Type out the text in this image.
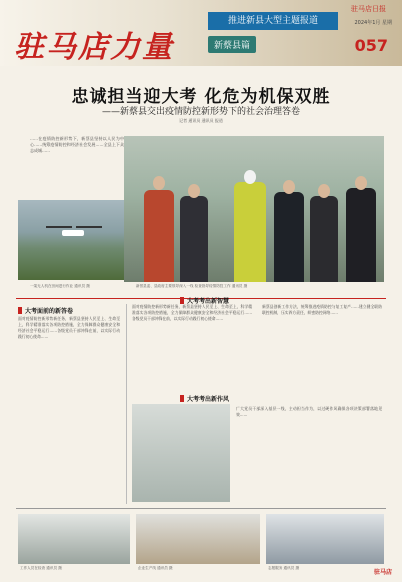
驻马店力量
推进新县大型主题报道
新蔡县篇
驻马店日报
2024年1月 星期
057
忠诚担当迎大考 化危为机保双胜
——新蔡县交出疫情防控新形势下的社会治理答卷
记者 通讯员 通讯员 报道
……在疫情防控新形势下，新蔡县坚持以人民为中心……统筹疫情防控和经济社会发展……全县上下众志成城……
一架无人机在田间进行作业 通讯员 摄	新蔡县委、县政府主要领导深入一线 检查指导疫情防控工作 通讯员 摄
大考面前的新答卷
面对疫情防控新形势新任务，新蔡县坚持人民至上、生命至上，科学精准落实各项防控措施，全力保障群众健康安全和经济社会平稳运行……各级党员干部冲锋在前，以实际行动践行初心使命……
面对疫情防控新形势新任务，新蔡县坚持人民至上、生命至上，科学精准落实各项防控措施，全力保障群众健康安全和经济社会平稳运行……各级党员干部冲锋在前，以实际行动践行初心使命……
新蔡县创新工作方法，统筹推进疫情防控与复工复产……建立健全联防联控机制，压实四方责任，织密防控网络……
大考考出新智慧
大考考出新作风
广大党员干部深入基层一线，主动担当作为，以过硬作风确保各项决策部署落地见效……
工作人员在检查 通讯员 摄	企业生产线 通讯员 摄	志愿服务 通讯员 摄
驻马店
